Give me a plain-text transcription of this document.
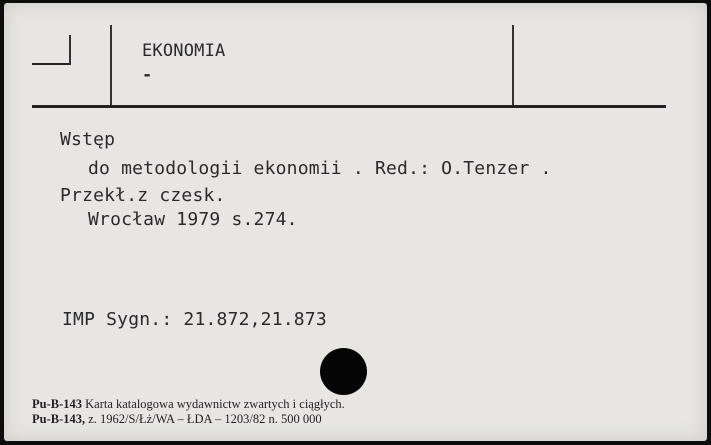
EKONOMIA
-
Wstęp
do metodologii ekonomii . Red.: O.Tenzer .
Przekł.z czesk.
Wrocław 1979 s.274.
IMP Sygn.: 21.872,21.873
Pu-B-143 Karta katalogowa wydawnictw zwartych i ciągłych.
Pu-B-143, z. 1962/S/Łż/WA – ŁDA – 1203/82 n. 500 000
